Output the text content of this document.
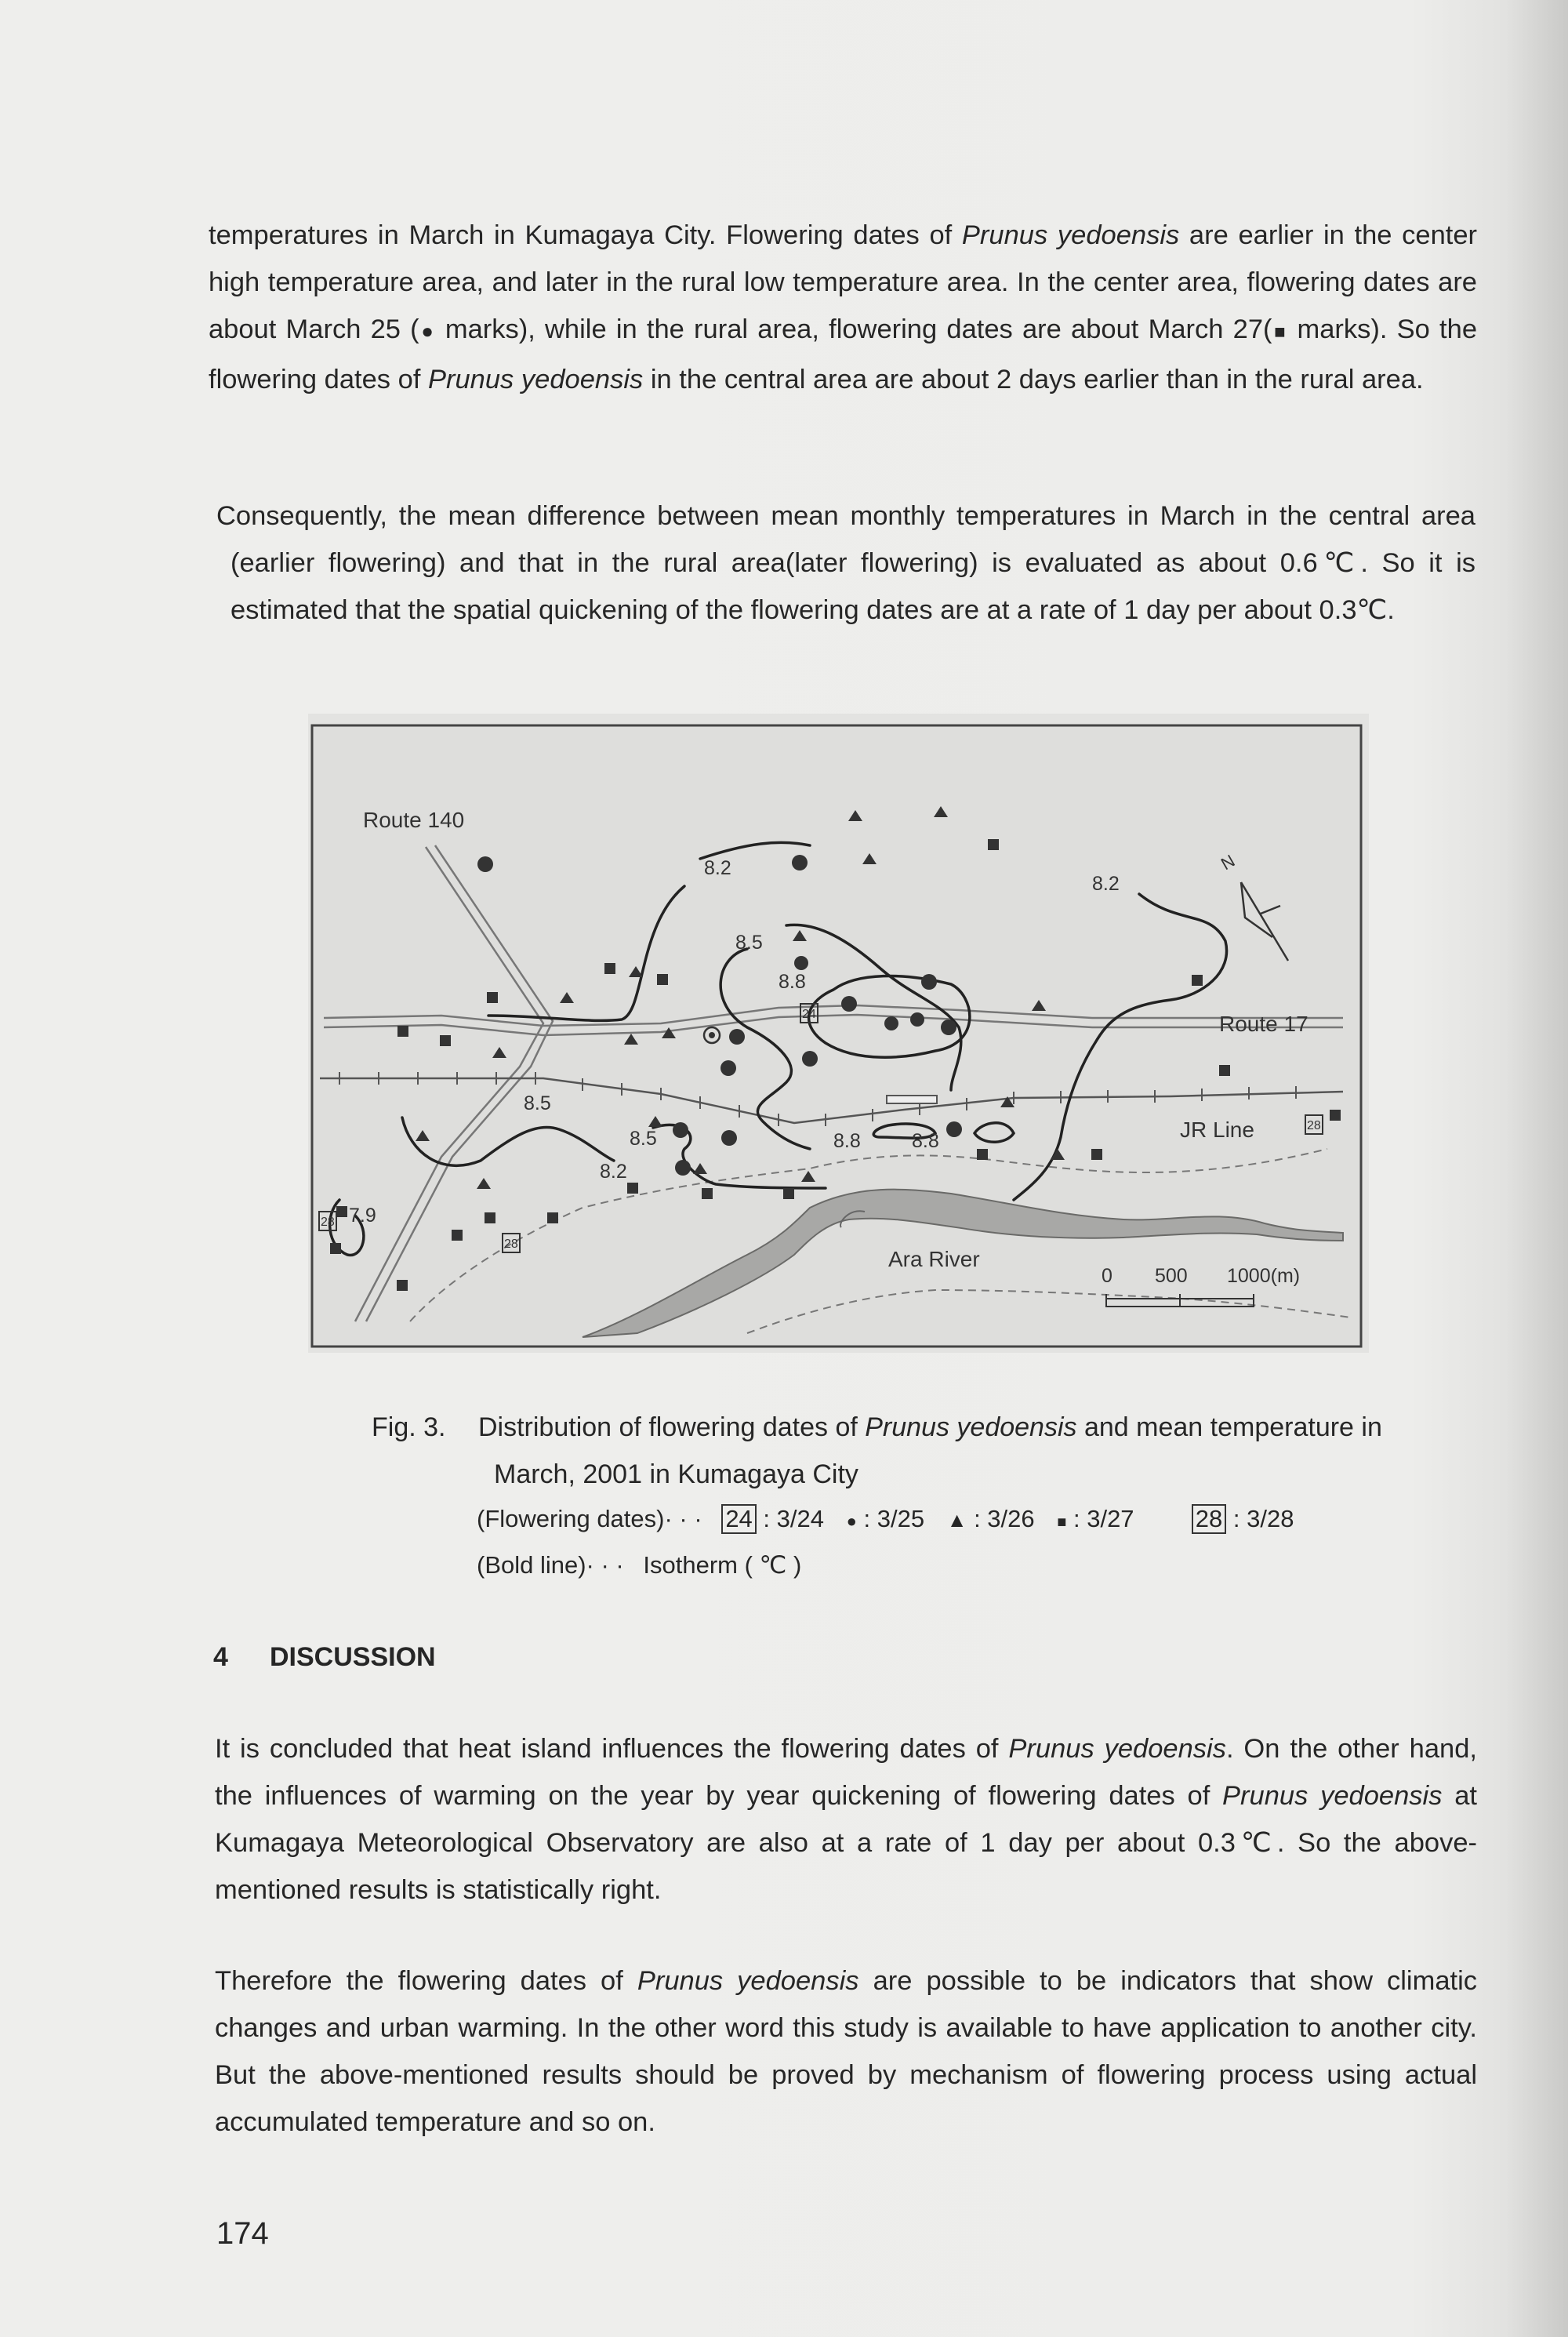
temperatures in March in Kumagaya City. Flowering dates of Prunus yedoensis are earlier in the center high temperature area, and later in the rural low temperature area. In the center area, flowering dates are about March 25 (● marks), while in the rural area, flowering dates are about March 27(■ marks). So the flowering dates of Prunus yedoensis in the central area are about 2 days earlier than in the rural area.

Consequently, the mean difference between mean monthly temperatures in March in the central area (earlier flowering) and that in the rural area(later flowering) is evaluated as about 0.6℃. So it is estimated that the spatial quickening of the flowering dates are at a rate of 1 day per about 0.3℃.

Route 140
Route 17
JR Line
Ara River
N
8.2
8.2
8.2
8.5
8.5
8.5
8.8
8.8	8.8
7.9
24
28
28
28
0 500 1000(m)
Fig. 3. Distribution of flowering dates of Prunus yedoensis and mean temperature in
March, 2001 in Kumagaya City
(Flowering dates)· · · 24 : 3/24 ● : 3/25 ▲ : 3/26 ■ : 3/27	28 : 3/28
(Bold line)· · · Isotherm ( ℃ )
4 DISCUSSION

It is concluded that heat island influences the flowering dates of Prunus yedoensis. On the other hand, the influences of warming on the year by year quickening of flowering dates of Prunus yedoensis at Kumagaya Meteorological Observatory are also at a rate of 1 day per about 0.3℃. So the above-mentioned results is statistically right.

Therefore the flowering dates of Prunus yedoensis are possible to be indicators that show climatic changes and urban warming. In the other word this study is available to have application to another city. But the above-mentioned results should be proved by mechanism of flowering process using actual accumulated temperature and so on.

174
